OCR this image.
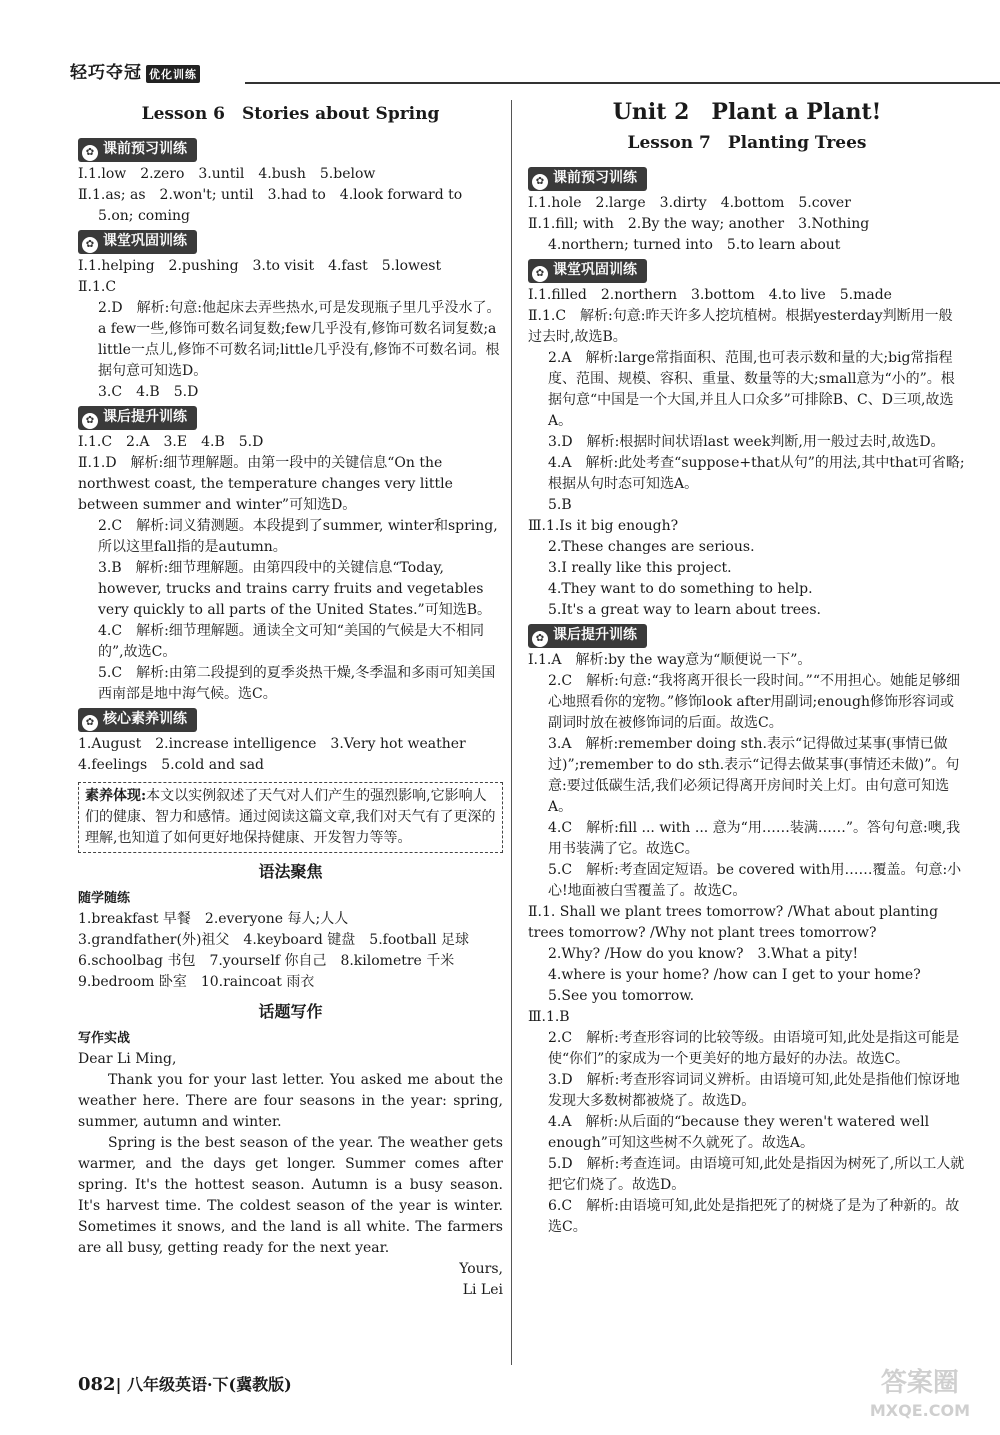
轻巧夺冠 优化训练
Lesson 6　Stories about Spring
✿ 课前预习训练
Ⅰ.1.low　2.zero　3.until　4.bush　5.below
Ⅱ.1.as; as　2.won't; until　3.had to　4.look forward to
5.on; coming
✿ 课堂巩固训练
Ⅰ.1.helping　2.pushing　3.to visit　4.fast　5.lowest
Ⅱ.1.C
2.D　解析:句意:他起床去弄些热水,可是发现瓶子里几乎没水了。a few一些,修饰可数名词复数;few几乎没有,修饰可数名词复数;a little一点儿,修饰不可数名词;little几乎没有,修饰不可数名词。根据句意可知选D。
3.C　4.B　5.D
✿ 课后提升训练
Ⅰ.1.C　2.A　3.E　4.B　5.D
Ⅱ.1.D　解析:细节理解题。由第一段中的关键信息“On the northwest coast, the temperature changes very little between summer and winter”可知选D。
2.C　解析:词义猜测题。本段提到了summer, winter和spring,所以这里fall指的是autumn。
3.B　解析:细节理解题。由第四段中的关键信息“Today, however, trucks and trains carry fruits and vegetables very quickly to all parts of the United States.”可知选B。
4.C　解析:细节理解题。通读全文可知“美国的气候是大不相同的”,故选C。
5.C　解析:由第二段提到的夏季炎热干燥,冬季温和多雨可知美国西南部是地中海气候。选C。
✿ 核心素养训练
1.August　2.increase intelligence　3.Very hot weather
4.feelings　5.cold and sad
素养体现:本文以实例叙述了天气对人们产生的强烈影响,它影响人们的健康、智力和感情。通过阅读这篇文章,我们对天气有了更深的理解,也知道了如何更好地保持健康、开发智力等等。
语法聚焦
随学随练
1.breakfast 早餐　2.everyone 每人;人人
3.grandfather(外)祖父　4.keyboard 键盘　5.football 足球
6.schoolbag 书包　7.yourself 你自己　8.kilometre 千米
9.bedroom 卧室　10.raincoat 雨衣
话题写作
写作实战
Dear Li Ming,

Thank you for your last letter. You asked me about the weather here. There are four seasons in the year: spring, summer, autumn and winter.

Spring is the best season of the year. The weather gets warmer, and the days get longer. Summer comes after spring. It's the hottest season. Autumn is a busy season. It's harvest time. The coldest season of the year is winter. Sometimes it snows, and the land is all white. The farmers are all busy, getting ready for the next year.

Yours,
Li Lei
Unit 2　Plant a Plant!
Lesson 7　Planting Trees
✿ 课前预习训练
Ⅰ.1.hole　2.large　3.dirty　4.bottom　5.cover
Ⅱ.1.fill; with　2.By the way; another　3.Nothing
4.northern; turned into　5.to learn about
✿ 课堂巩固训练
Ⅰ.1.filled　2.northern　3.bottom　4.to live　5.made
Ⅱ.1.C　解析:句意:昨天许多人挖坑植树。根据yesterday判断用一般过去时,故选B。
2.A　解析:large常指面积、范围,也可表示数和量的大;big常指程度、范围、规模、容积、重量、数量等的大;small意为“小的”。根据句意“中国是一个大国,并且人口众多”可排除B、C、D三项,故选A。
3.D　解析:根据时间状语last week判断,用一般过去时,故选D。
4.A　解析:此处考查“suppose+that从句”的用法,其中that可省略;根据从句时态可知选A。
5.B
Ⅲ.1.Is it big enough?
2.These changes are serious.
3.I really like this project.
4.They want to do something to help.
5.It's a great way to learn about trees.
✿ 课后提升训练
Ⅰ.1.A　解析:by the way意为“顺便说一下”。
2.C　解析:句意:“我将离开很长一段时间。”“不用担心。她能足够细心地照看你的宠物。”修饰look after用副词;enough修饰形容词或副词时放在被修饰词的后面。故选C。
3.A　解析:remember doing sth.表示“记得做过某事(事情已做过)”;remember to do sth.表示“记得去做某事(事情还未做)”。句意:要过低碳生活,我们必须记得离开房间时关上灯。由句意可知选A。
4.C　解析:fill ... with ... 意为“用……装满……”。答句句意:噢,我用书装满了它。故选C。
5.C　解析:考查固定短语。be covered with用……覆盖。句意:小心!地面被白雪覆盖了。故选C。
Ⅱ.1. Shall we plant trees tomorrow? /What about planting trees tomorrow? /Why not plant trees tomorrow?
2.Why? /How do you know?　3.What a pity!
4.where is your home? /how can I get to your home?
5.See you tomorrow.
Ⅲ.1.B
2.C　解析:考查形容词的比较等级。由语境可知,此处是指这可能是使“你们”的家成为一个更美好的地方最好的办法。故选C。
3.D　解析:考查形容词词义辨析。由语境可知,此处是指他们惊讶地发现大多数树都被烧了。故选D。
4.A　解析:从后面的“because they weren't watered well enough”可知这些树不久就死了。故选A。
5.D　解析:考查连词。由语境可知,此处是指因为树死了,所以工人就把它们烧了。故选D。
6.C　解析:由语境可知,此处是指把死了的树烧了是为了种新的。故选C。
082| 八年级英语·下(冀教版)	答案圈
MXQE.COM
